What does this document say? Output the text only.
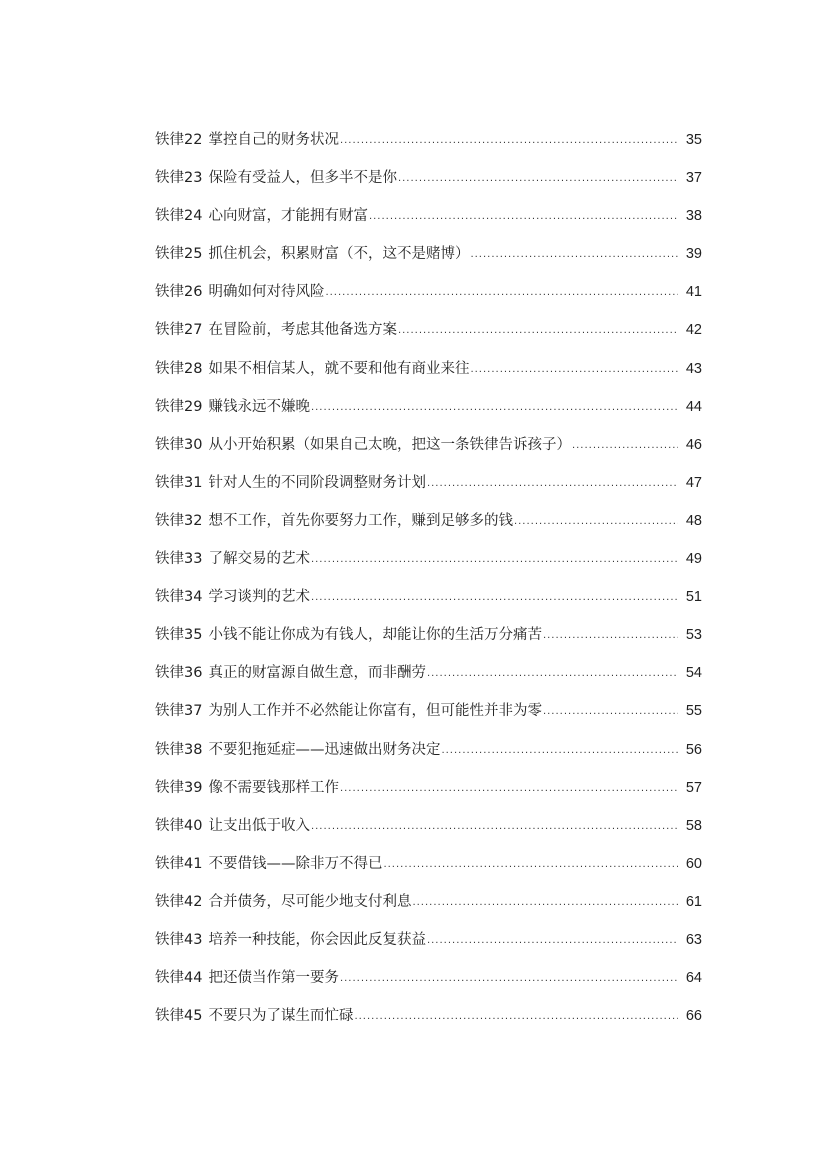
铁律22 掌控自己的财务状况 .....	35
铁律23 保险有受益人，但多半不是你 .....	37
铁律24 心向财富，才能拥有财富 .....	38
铁律25 抓住机会，积累财富（不，这不是赌博） .....	39
铁律26 明确如何对待风险 .....	41
铁律27 在冒险前，考虑其他备选方案 .....	42
铁律28 如果不相信某人，就不要和他有商业来往 .....	43
铁律29 赚钱永远不嫌晚 .....	44
铁律30 从小开始积累（如果自己太晚，把这一条铁律告诉孩子） .....	46
铁律31 针对人生的不同阶段调整财务计划 .....	47
铁律32 想不工作，首先你要努力工作，赚到足够多的钱 .....	48
铁律33 了解交易的艺术 .....	49
铁律34 学习谈判的艺术 .....	51
铁律35 小钱不能让你成为有钱人，却能让你的生活万分痛苦 .....	53
铁律36 真正的财富源自做生意，而非酬劳 .....	54
铁律37 为别人工作并不必然能让你富有，但可能性并非为零 .....	55
铁律38 不要犯拖延症——迅速做出财务决定 .....	56
铁律39 像不需要钱那样工作 .....	57
铁律40 让支出低于收入 .....	58
铁律41 不要借钱——除非万不得已 .....	60
铁律42 合并债务，尽可能少地支付利息 .....	61
铁律43 培养一种技能，你会因此反复获益 .....	63
铁律44 把还债当作第一要务 .....	64
铁律45 不要只为了谋生而忙碌 .....	66
